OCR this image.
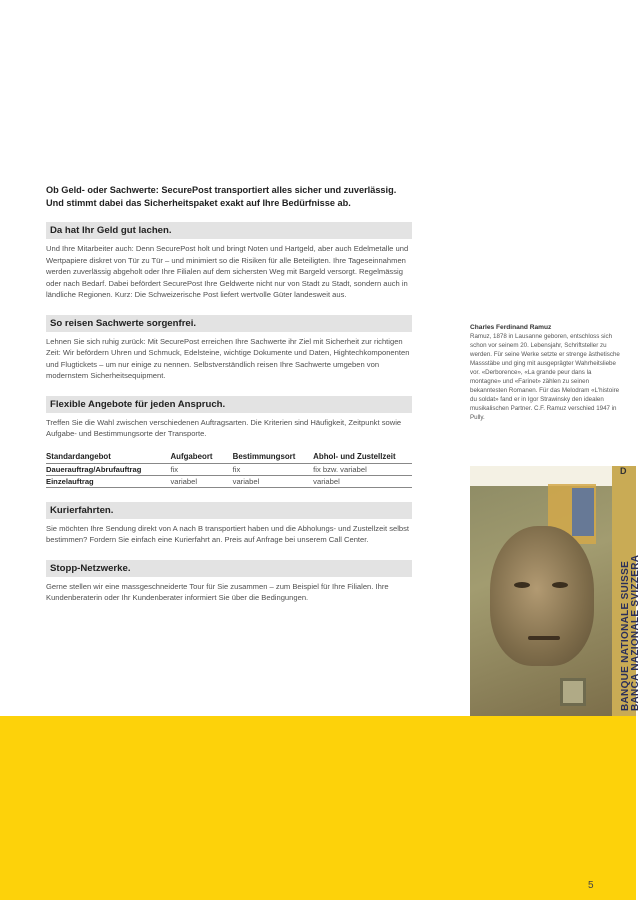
Ob Geld- oder Sachwerte: SecurePost transportiert alles sicher und zuverlässig.
Und stimmt dabei das Sicherheitspaket exakt auf Ihre Bedürfnisse ab.
Da hat Ihr Geld gut lachen.
Und Ihre Mitarbeiter auch: Denn SecurePost holt und bringt Noten und Hartgeld, aber auch Edelmetalle und Wertpapiere diskret von Tür zu Tür – und minimiert so die Risiken für alle Beteiligten. Ihre Tageseinnahmen werden zuverlässig abgeholt oder Ihre Filialen auf dem sichersten Weg mit Bargeld versorgt. Regelmässig oder nach Bedarf. Dabei befördert SecurePost Ihre Geldwerte nicht nur von Stadt zu Stadt, sondern auch in ländliche Regionen. Kurz: Die Schweizerische Post liefert wertvolle Güter landesweit aus.
So reisen Sachwerte sorgenfrei.
Lehnen Sie sich ruhig zurück: Mit SecurePost erreichen Ihre Sachwerte ihr Ziel mit Sicherheit zur richtigen Zeit: Wir befördern Uhren und Schmuck, Edelsteine, wichtige Dokumente und Daten, Hightechkomponenten und Flugtickets – um nur einige zu nennen. Selbstverständlich reisen Ihre Sachwerte umgeben von modernstem Sicherheitsequipment.
Flexible Angebote für jeden Anspruch.
Treffen Sie die Wahl zwischen verschiedenen Auftragsarten. Die Kriterien sind Häufigkeit, Zeitpunkt sowie Aufgabe- und Bestimmungsorte der Transporte.
Standardangebot	Aufgabeort	Bestimmungsort	Abhol- und Zustellzeit
Dauerauftrag/Abrufauftrag	fix	fix	fix bzw. variabel
Einzelauftrag	variabel	variabel	variabel
Kurierfahrten.
Sie möchten Ihre Sendung direkt von A nach B transportiert haben und die Abholungs- und Zustellzeit selbst bestimmen? Fordern Sie einfach eine Kurierfahrt an. Preis auf Anfrage bei unserem Call Center.
Stopp-Netzwerke.
Gerne stellen wir eine massgeschneiderte Tour für Sie zusammen – zum Beispiel für Ihre Filialen. Ihre Kundenberaterin oder Ihr Kundenberater informiert Sie über die Bedingungen.
Charles Ferdinand Ramuz
Ramuz, 1878 in Lausanne geboren, entschloss sich schon vor seinem 20. Lebensjahr, Schriftsteller zu werden. Für seine Werke setzte er strenge ästhetische Massstäbe und ging mit ausgeprägter Wahrheitsliebe vor. «Derborence», «La grande peur dans la montagne» und «Farinet» zählen zu seinen bekanntesten Romanen. Für das Melodram «L'histoire du soldat» fand er in Igor Strawinsky den idealen musikalischen Partner. C.F. Ramuz verschied 1947 in Pully.
BANQUE NATIONALE SUISSE BANCA NAZIONALE SVIZZERA
D
5
